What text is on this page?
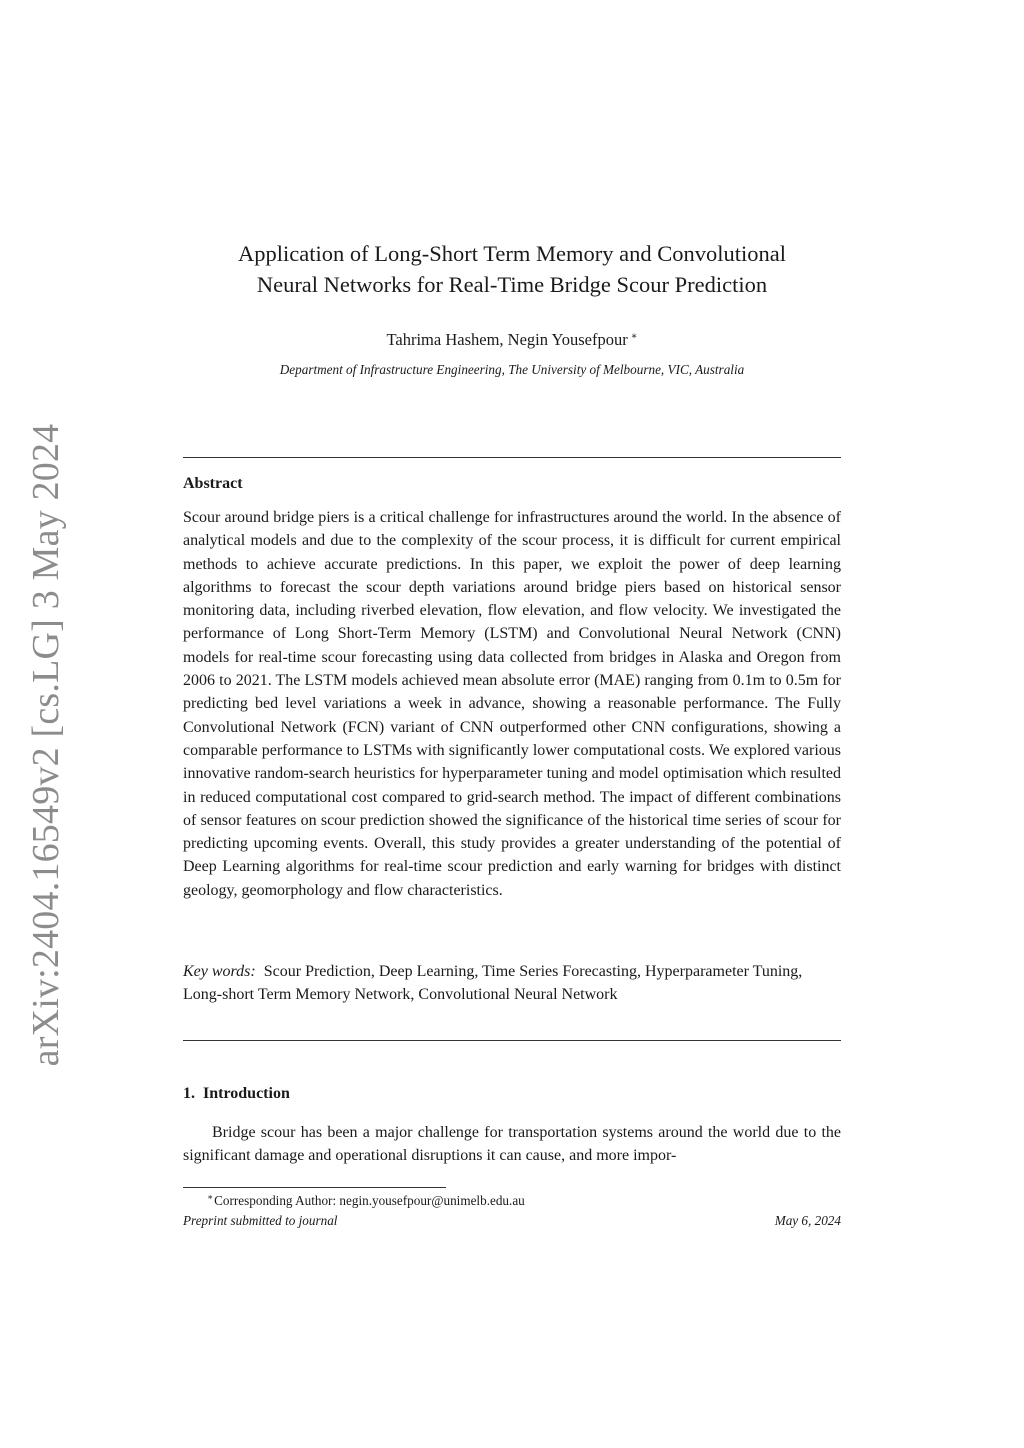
arXiv:2404.16549v2 [cs.LG] 3 May 2024
Application of Long-Short Term Memory and Convolutional
Neural Networks for Real-Time Bridge Scour Prediction
Tahrima Hashem, Negin Yousefpour ∗
Department of Infrastructure Engineering, The University of Melbourne, VIC, Australia
Abstract
Scour around bridge piers is a critical challenge for infrastructures around the world. In the absence of analytical models and due to the complexity of the scour process, it is difficult for current empirical methods to achieve accurate predictions. In this paper, we exploit the power of deep learning algorithms to forecast the scour depth variations around bridge piers based on historical sensor monitoring data, including riverbed elevation, flow elevation, and flow velocity. We investigated the performance of Long Short-Term Memory (LSTM) and Convolutional Neural Network (CNN) models for real-time scour forecasting using data collected from bridges in Alaska and Oregon from 2006 to 2021. The LSTM models achieved mean absolute error (MAE) ranging from 0.1m to 0.5m for predicting bed level variations a week in advance, showing a reasonable performance. The Fully Convolutional Network (FCN) variant of CNN outperformed other CNN configurations, showing a comparable performance to LSTMs with significantly lower computational costs. We explored various innovative random-search heuristics for hyperparameter tuning and model optimisation which resulted in reduced computational cost compared to grid-search method. The impact of different combinations of sensor features on scour prediction showed the significance of the historical time series of scour for predicting upcoming events. Overall, this study provides a greater understanding of the potential of Deep Learning algorithms for real-time scour prediction and early warning for bridges with distinct geology, geomorphology and flow characteristics.
Key words: Scour Prediction, Deep Learning, Time Series Forecasting, Hyperparameter Tuning, Long-short Term Memory Network, Convolutional Neural Network
1. Introduction
Bridge scour has been a major challenge for transportation systems around the world due to the significant damage and operational disruptions it can cause, and more impor-
∗Corresponding Author: negin.yousefpour@unimelb.edu.au
Preprint submitted to journal	May 6, 2024
